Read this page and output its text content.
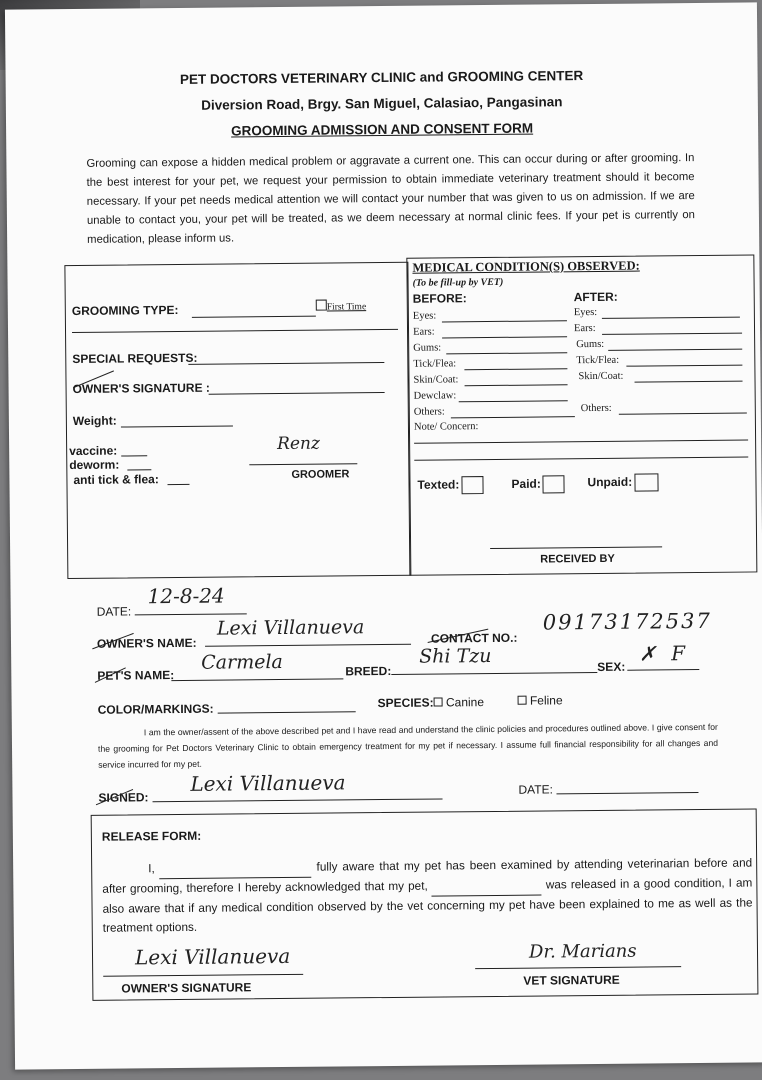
PET DOCTORS VETERINARY CLINIC and GROOMING CENTER
Diversion Road, Brgy. San Miguel, Calasiao, Pangasinan
GROOMING ADMISSION AND CONSENT FORM
Grooming can expose a hidden medical problem or aggravate a current one. This can occur during or after grooming. In the best interest for your pet, we request your permission to obtain immediate veterinary treatment should it become necessary. If your pet needs medical attention we will contact your number that was given to us on admission. If we are unable to contact you, your pet will be treated, as we deem necessary at normal clinic fees. If your pet is currently on medication, please inform us.
GROOMING TYPE:	First Time
SPECIAL REQUESTS:
OWNER'S SIGNATURE :
Weight:
vaccine:
deworm:
anti tick & flea:
Renz
GROOMER
MEDICAL CONDITION(S) OBSERVED:
(To be fill-up by VET)
BEFORE:	AFTER:
Eyes:	Eyes:
Ears:	Ears:
Gums:	Gums:
Tick/Flea:	Tick/Flea:
Skin/Coat:	Skin/Coat:
Dewclaw:
Others:	Others:
Note/ Concern:
Texted:	Paid:	Unpaid:
RECEIVED BY
DATE:
12-8-24
OWNER'S NAME:
Lexi Villanueva	CONTACT NO.:
09173172537
PET'S NAME:
Carmela	BREED:
Shi Tzu	SEX:
✗ F
COLOR/MARKINGS:	SPECIES:	Canine	Feline
I am the owner/assent of the above described pet and I have read and understand the clinic policies and procedures outlined above. I give consent for the grooming for Pet Doctors Veterinary Clinic to obtain emergency treatment for my pet if necessary. I assume full financial responsibility for all changes and service incurred for my pet.
SIGNED:
Lexi Villanueva	DATE:
RELEASE FORM:
I,	fully aware that my pet has been examined by attending veterinarian before and after grooming, therefore I hereby acknowledged that my pet,	was released in a good condition, I am also aware that if any medical condition observed by the vet concerning my pet have been explained to me as well as the treatment options.
Lexi Villanueva
OWNER'S SIGNATURE
Dr. Marians
VET SIGNATURE
